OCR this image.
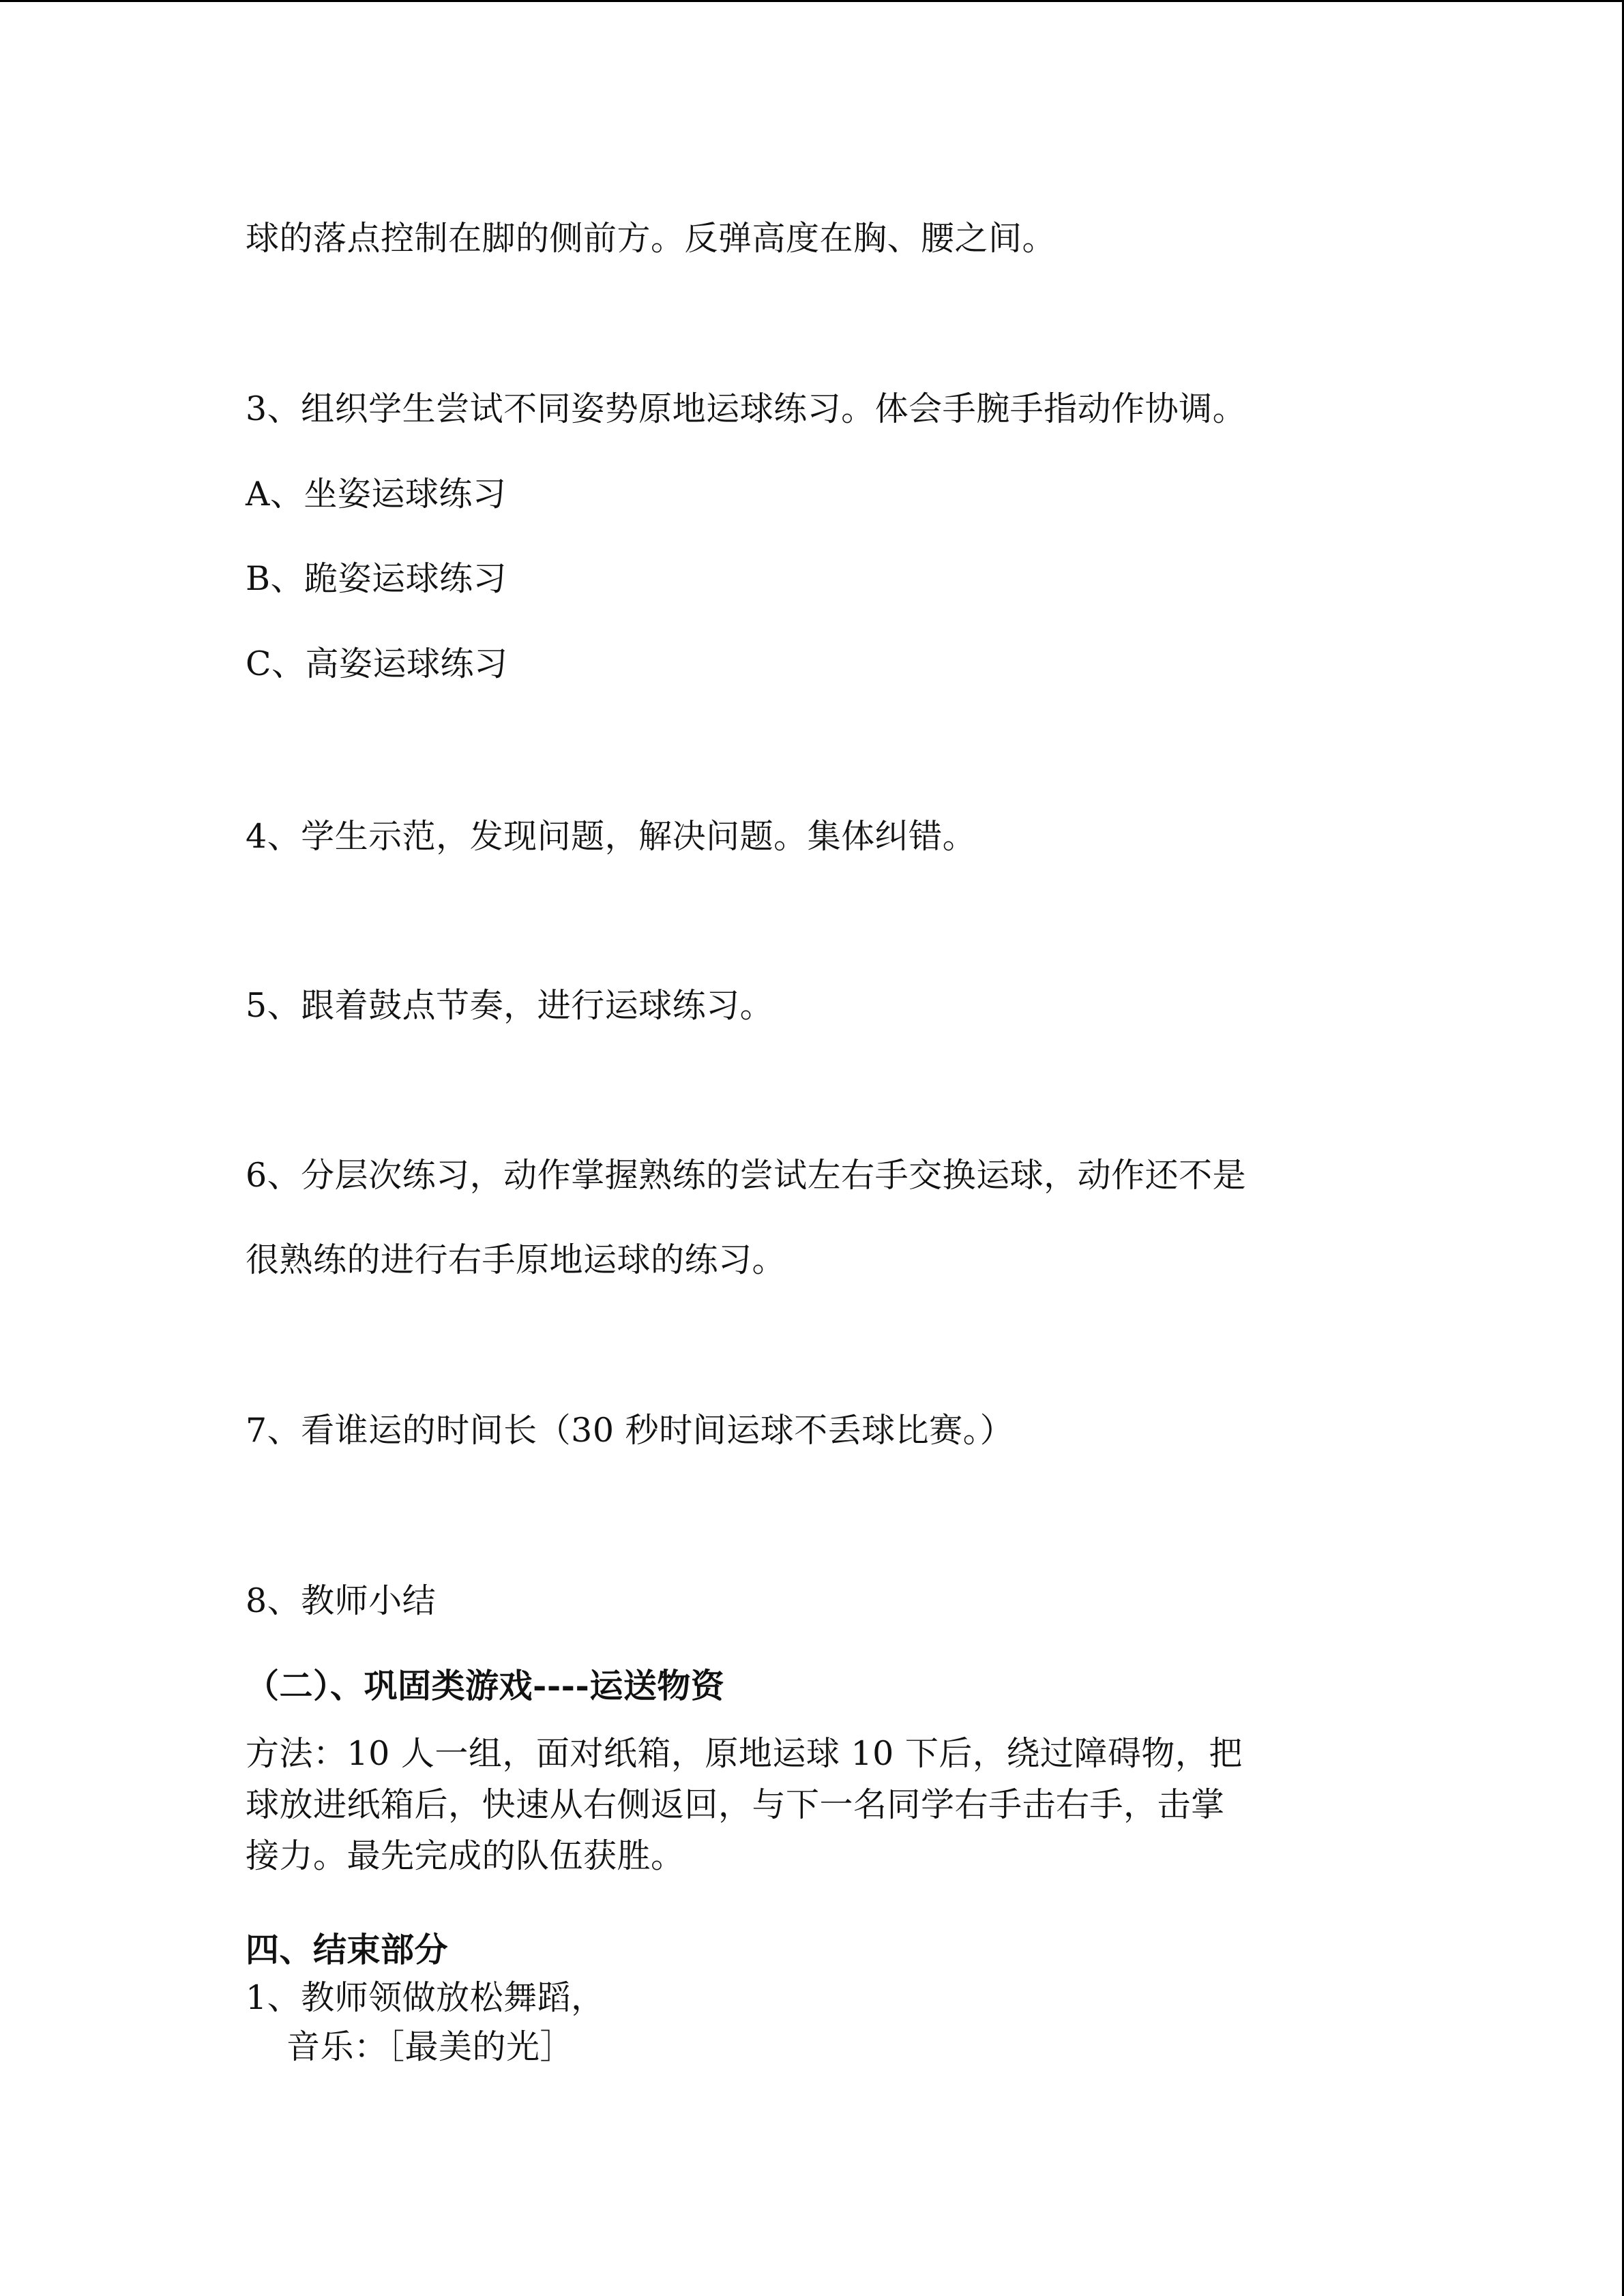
球的落点控制在脚的侧前方。反弹高度在胸、腰之间。

3、组织学生尝试不同姿势原地运球练习。体会手腕手指动作协调。

A、坐姿运球练习

B、跪姿运球练习

C、高姿运球练习

4、学生示范，发现问题，解决问题。集体纠错。

5、跟着鼓点节奏，进行运球练习。

6、分层次练习，动作掌握熟练的尝试左右手交换运球，动作还不是

很熟练的进行右手原地运球的练习。

7、看谁运的时间长（30 秒时间运球不丢球比赛。）

8、教师小结

（二）、巩固类游戏----运送物资

方法：10 人一组，面对纸箱，原地运球 10 下后，绕过障碍物，把

球放进纸箱后，快速从右侧返回，与下一名同学右手击右手，击掌

接力。最先完成的队伍获胜。

四、结束部分

1、教师领做放松舞蹈，

音乐：［最美的光］
